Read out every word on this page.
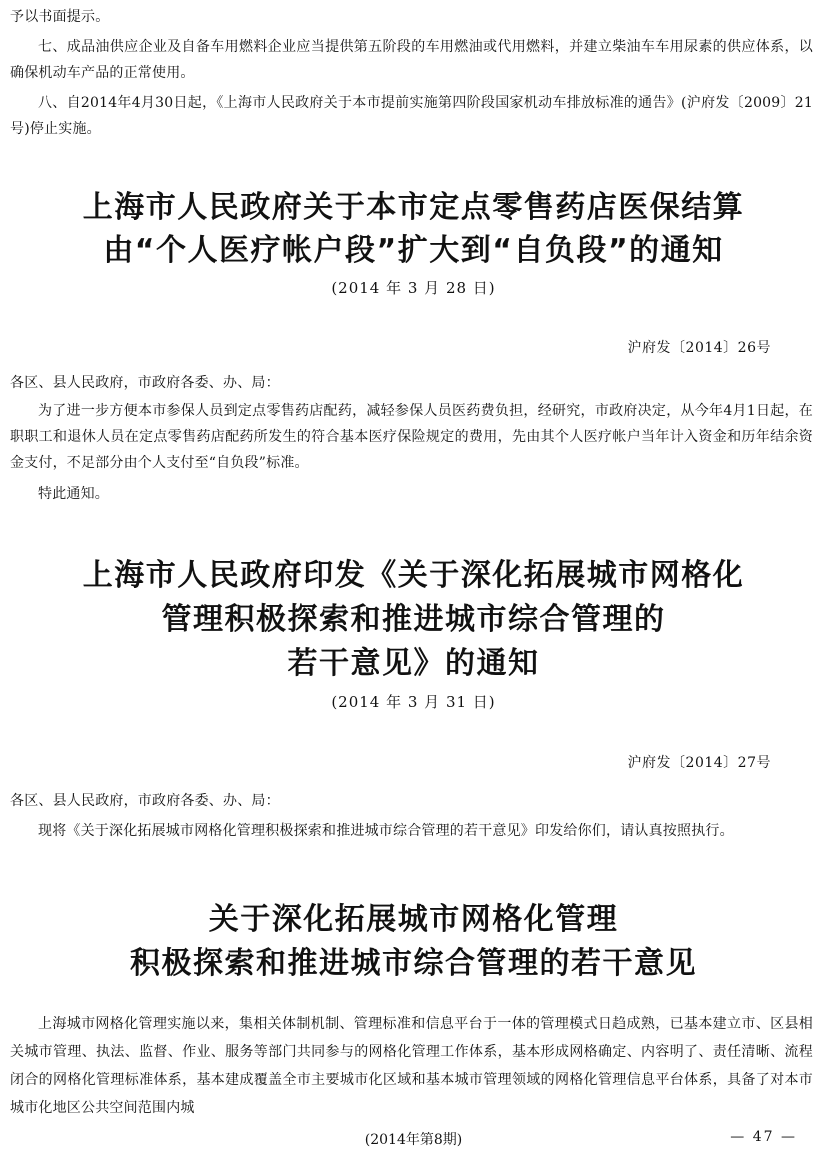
予以书面提示。

七、成品油供应企业及自备车用燃料企业应当提供第五阶段的车用燃油或代用燃料，并建立柴油车车用尿素的供应体系，以确保机动车产品的正常使用。

八、自2014年4月30日起，《上海市人民政府关于本市提前实施第四阶段国家机动车排放标准的通告》(沪府发〔2009〕21号)停止实施。

上海市人民政府关于本市定点零售药店医保结算
由“个人医疗帐户段”扩大到“自负段”的通知
(2014 年 3 月 28 日)
沪府发〔2014〕26号

各区、县人民政府，市政府各委、办、局：

为了进一步方便本市参保人员到定点零售药店配药，减轻参保人员医药费负担，经研究，市政府决定，从今年4月1日起，在职职工和退休人员在定点零售药店配药所发生的符合基本医疗保险规定的费用，先由其个人医疗帐户当年计入资金和历年结余资金支付，不足部分由个人支付至“自负段”标准。

特此通知。

上海市人民政府印发《关于深化拓展城市网格化
管理积极探索和推进城市综合管理的
若干意见》的通知
(2014 年 3 月 31 日)
沪府发〔2014〕27号

各区、县人民政府，市政府各委、办、局：

现将《关于深化拓展城市网格化管理积极探索和推进城市综合管理的若干意见》印发给你们，请认真按照执行。

关于深化拓展城市网格化管理
积极探索和推进城市综合管理的若干意见

上海城市网格化管理实施以来，集相关体制机制、管理标准和信息平台于一体的管理模式日趋成熟，已基本建立市、区县相关城市管理、执法、监督、作业、服务等部门共同参与的网格化管理工作体系，基本形成网格确定、内容明了、责任清晰、流程闭合的网格化管理标准体系，基本建成覆盖全市主要城市化区域和基本城市管理领域的网格化管理信息平台体系，具备了对本市城市化地区公共空间范围内城

(2014年第8期)	— 47 —
